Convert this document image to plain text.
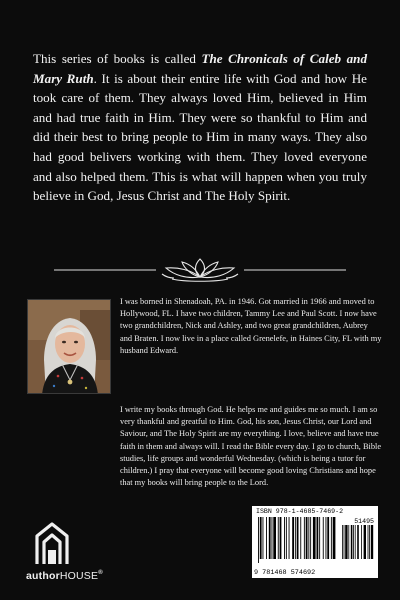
This series of books is called The Chronicals of Caleb and Mary Ruth. It is about their entire life with God and how He took care of them. They always loved Him, believed in Him and had true faith in Him. They were so thankful to Him and did their best to bring people to Him in many ways. They also had good belivers working with them. They loved everyone and also helped them. This is what will happen when you truly believe in God, Jesus Christ and The Holy Spirit.

I was borned in Shenadoah, PA. in 1946. Got married in 1966 and moved to Hollywood, FL. I have two children, Tammy Lee and Paul Scott. I now have two grandchildren, Nick and Ashley, and two great grandchildren, Aubrey and Braten. I now live in a place called Grenelefe, in Haines City, FL with my husband Edward.

I write my books through God. He helps me and guides me so much. I am so very thankful and greatful to Him. God, his son, Jesus Christ, our Lord and Saviour, and The Holy Spirit are my everything. I love, believe and have true faith in them and always will. I read the Bible every day. I go to church, Bible studies, life groups and wonderful Wednesday. (which is being a tutor for children.) I pray that everyone will become good loving Christians and hope that my books will bring people to the Lord.

authorHOUSE®
ISBN 978-1-4685-7469-2
51495
9 781468 574692
